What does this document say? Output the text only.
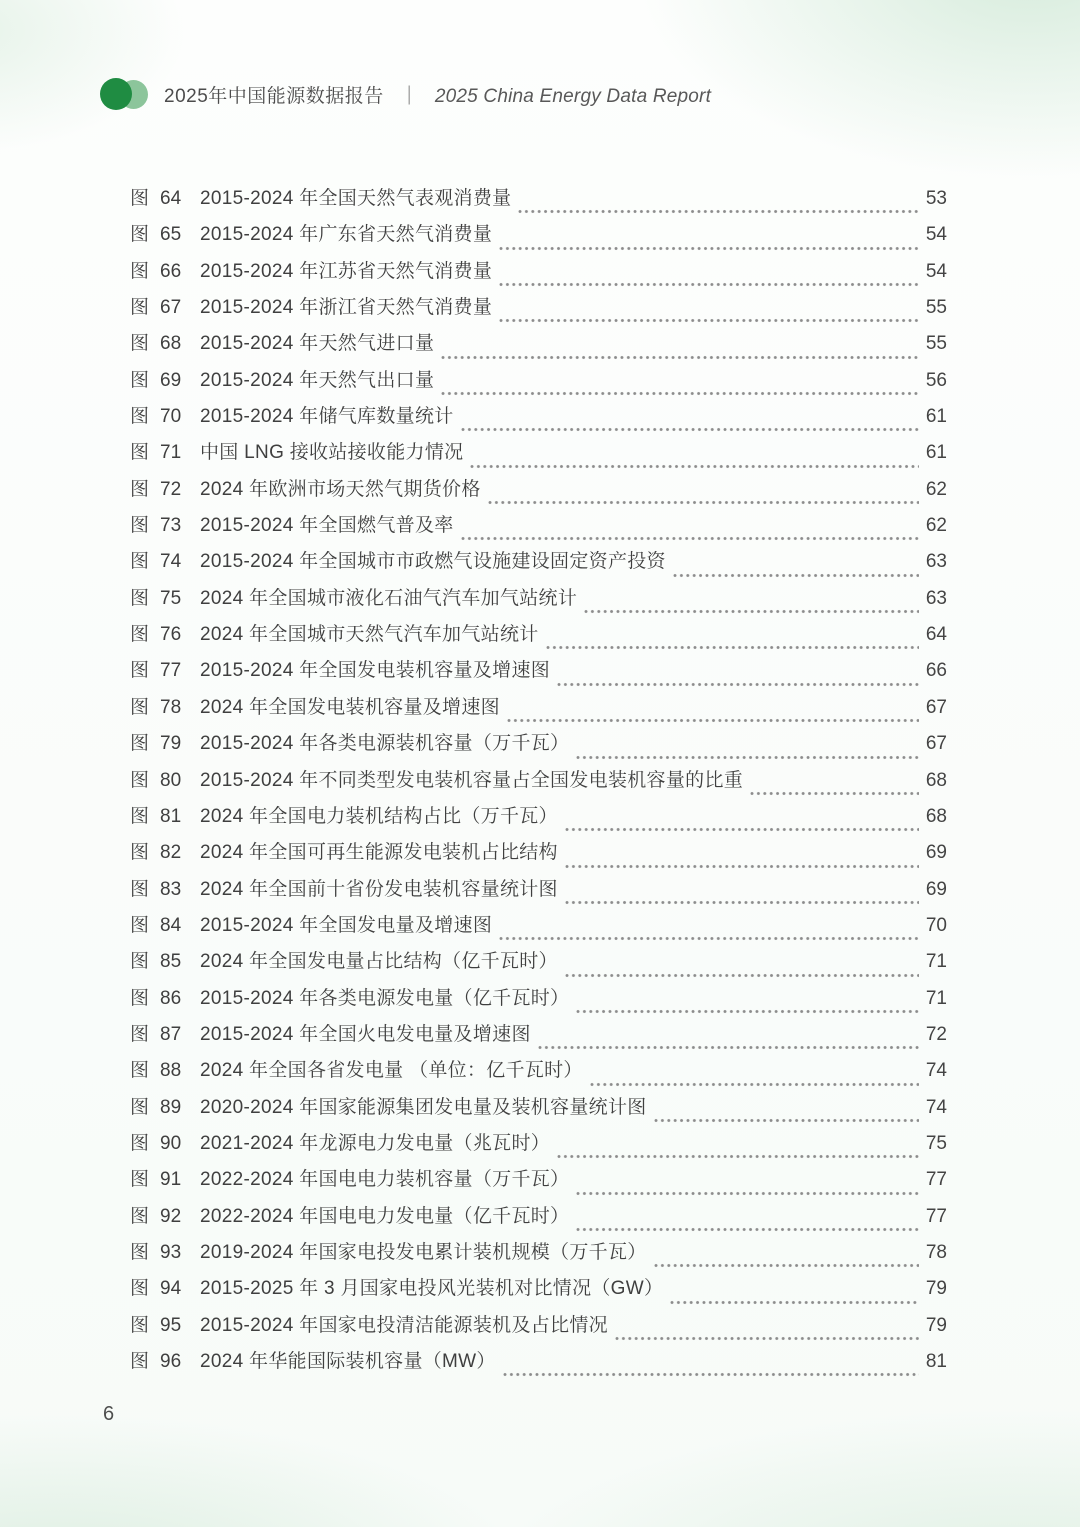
2025年中国能源数据报告 ｜ 2025 China Energy Data Report
图 64 2015-2024 年全国天然气表观消费量	53
图 65 2015-2024 年广东省天然气消费量	54
图 66 2015-2024 年江苏省天然气消费量	54
图 67 2015-2024 年浙江省天然气消费量	55
图 68 2015-2024 年天然气进口量	55
图 69 2015-2024 年天然气出口量	56
图 70 2015-2024 年储气库数量统计	61
图 71 中国 LNG 接收站接收能力情况	61
图 72 2024 年欧洲市场天然气期货价格	62
图 73 2015-2024 年全国燃气普及率	62
图 74 2015-2024 年全国城市市政燃气设施建设固定资产投资	63
图 75 2024 年全国城市液化石油气汽车加气站统计	63
图 76 2024 年全国城市天然气汽车加气站统计	64
图 77 2015-2024 年全国发电装机容量及增速图	66
图 78 2024 年全国发电装机容量及增速图	67
图 79 2015-2024 年各类电源装机容量（万千瓦）	67
图 80 2015-2024 年不同类型发电装机容量占全国发电装机容量的比重	68
图 81 2024 年全国电力装机结构占比（万千瓦）	68
图 82 2024 年全国可再生能源发电装机占比结构	69
图 83 2024 年全国前十省份发电装机容量统计图	69
图 84 2015-2024 年全国发电量及增速图	70
图 85 2024 年全国发电量占比结构（亿千瓦时）	71
图 86 2015-2024 年各类电源发电量（亿千瓦时）	71
图 87 2015-2024 年全国火电发电量及增速图	72
图 88 2024 年全国各省发电量 （单位：亿千瓦时）	74
图 89 2020-2024 年国家能源集团发电量及装机容量统计图	74
图 90 2021-2024 年龙源电力发电量（兆瓦时）	75
图 91 2022-2024 年国电电力装机容量（万千瓦）	77
图 92 2022-2024 年国电电力发电量（亿千瓦时）	77
图 93 2019-2024 年国家电投发电累计装机规模（万千瓦）	78
图 94 2015-2025 年 3 月国家电投风光装机对比情况（GW）	79
图 95 2015-2024 年国家电投清洁能源装机及占比情况	79
图 96 2024 年华能国际装机容量（MW）	81
6
